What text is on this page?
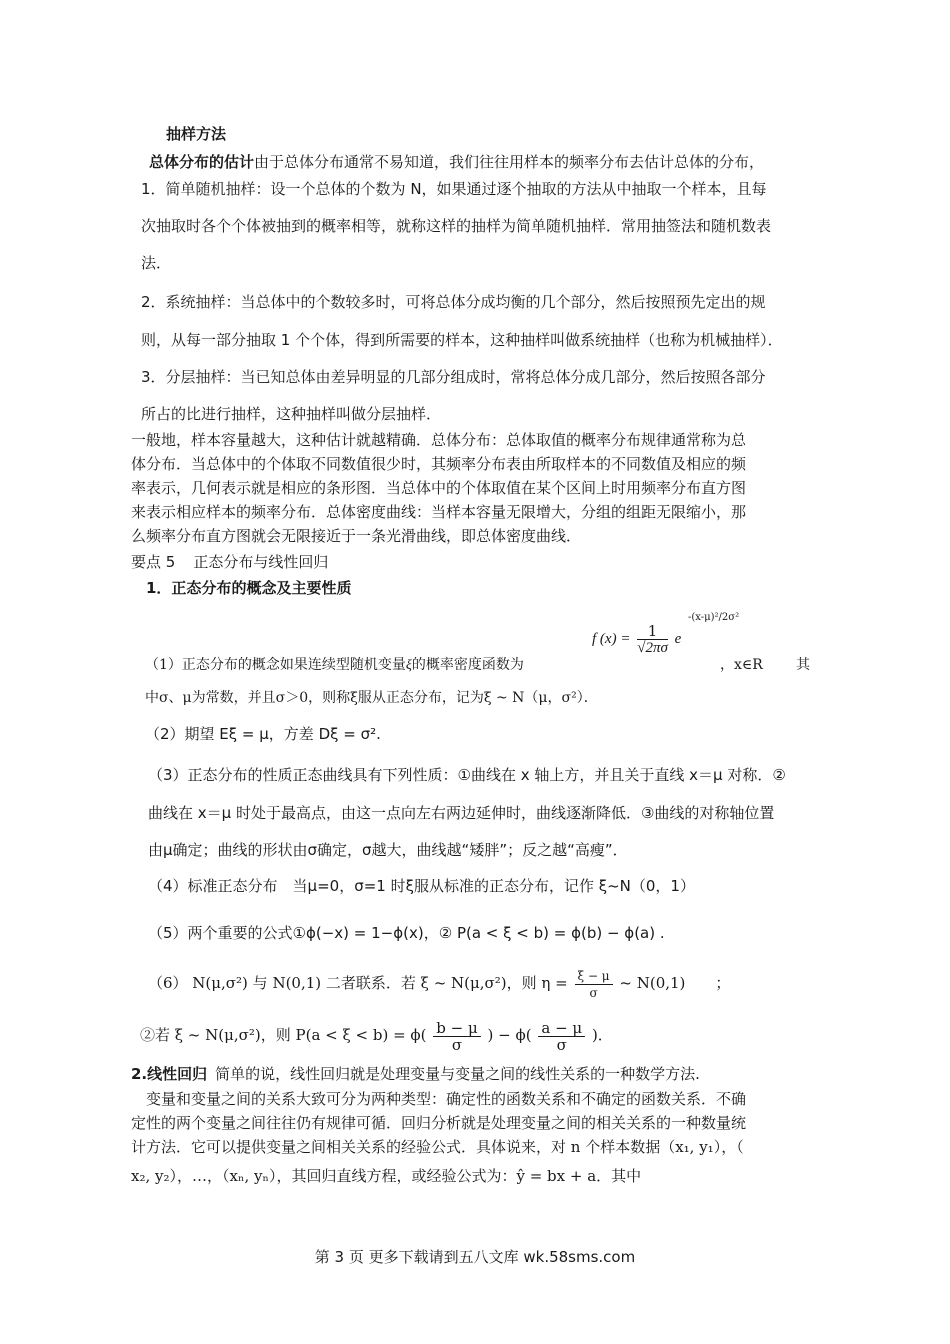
抽样方法
总体分布的估计由于总体分布通常不易知道，我们往往用样本的频率分布去估计总体的分布，
1．简单随机抽样：设一个总体的个数为 N，如果通过逐个抽取的方法从中抽取一个样本，且每
次抽取时各个个体被抽到的概率相等，就称这样的抽样为简单随机抽样．常用抽签法和随机数表
法．
2．系统抽样：当总体中的个数较多时，可将总体分成均衡的几个部分，然后按照预先定出的规
则，从每一部分抽取 1 个个体，得到所需要的样本，这种抽样叫做系统抽样（也称为机械抽样）．
3．分层抽样：当已知总体由差异明显的几部分组成时，常将总体分成几部分，然后按照各部分
所占的比进行抽样，这种抽样叫做分层抽样．
一般地，样本容量越大，这种估计就越精确．总体分布：总体取值的概率分布规律通常称为总
体分布．当总体中的个体取不同数值很少时，其频率分布表由所取样本的不同数值及相应的频
率表示，几何表示就是相应的条形图．当总体中的个体取值在某个区间上时用频率分布直方图
来表示相应样本的频率分布．总体密度曲线：当样本容量无限增大，分组的组距无限缩小，那
么频率分布直方图就会无限接近于一条光滑曲线，即总体密度曲线．
要点 5 正态分布与线性回归
1．正态分布的概念及主要性质
f $(x) = \frac{1}{√2\pi\sigma}$ e
-(x-μ)²/2σ²
（1）正态分布的概念如果连续型随机变量ξ的概率密度函数为	，x∈R 其
中σ、μ为常数，并且σ＞0，则称ξ服从正态分布，记为ξ ~ N（μ，σ²）．
（2）期望 Eξ = μ，方差 Dξ = σ².
（3）正态分布的性质正态曲线具有下列性质：①曲线在 x 轴上方，并且关于直线 x＝μ 对称．②
曲线在 x＝μ 时处于最高点，由这一点向左右两边延伸时，曲线逐渐降低．③曲线的对称轴位置
由μ确定；曲线的形状由σ确定，σ越大，曲线越“矮胖”；反之越“高瘦”．
（4）标准正态分布　当μ=0，σ=1 时ξ服从标准的正态分布，记作 ξ~N（0，1）
（5）两个重要的公式①ϕ(−x) = 1−ϕ(x)，② P(a < ξ < b) = ϕ(b) − ϕ(a) .
（6） N(μ,σ²) 与 N(0,1) 二者联系．若 ξ ~ N(μ,σ²)，则 $\eta = \frac{\xi - \mu}{\sigma}$ ~ N(0,1)　　；
②若 ξ ~ N(μ,σ²)，则 $P(a < \xi < b) = \phi( \frac{b - \mu}{\sigma}$ ) − $\phi( \frac{a - \mu}{\sigma}$ )．
2.线性回归 简单的说，线性回归就是处理变量与变量之间的线性关系的一种数学方法.
　变量和变量之间的关系大致可分为两种类型：确定性的函数关系和不确定的函数关系．不确
定性的两个变量之间往往仍有规律可循．回归分析就是处理变量之间的相关关系的一种数量统
计方法．它可以提供变量之间相关关系的经验公式．具体说来，对 n 个样本数据（x₁, y₁），（
x₂, y₂），…，（xₙ, yₙ），其回归直线方程，或经验公式为：ŷ = bx + a．其中
第 3 页 更多下载请到五八文库 wk.58sms.com
